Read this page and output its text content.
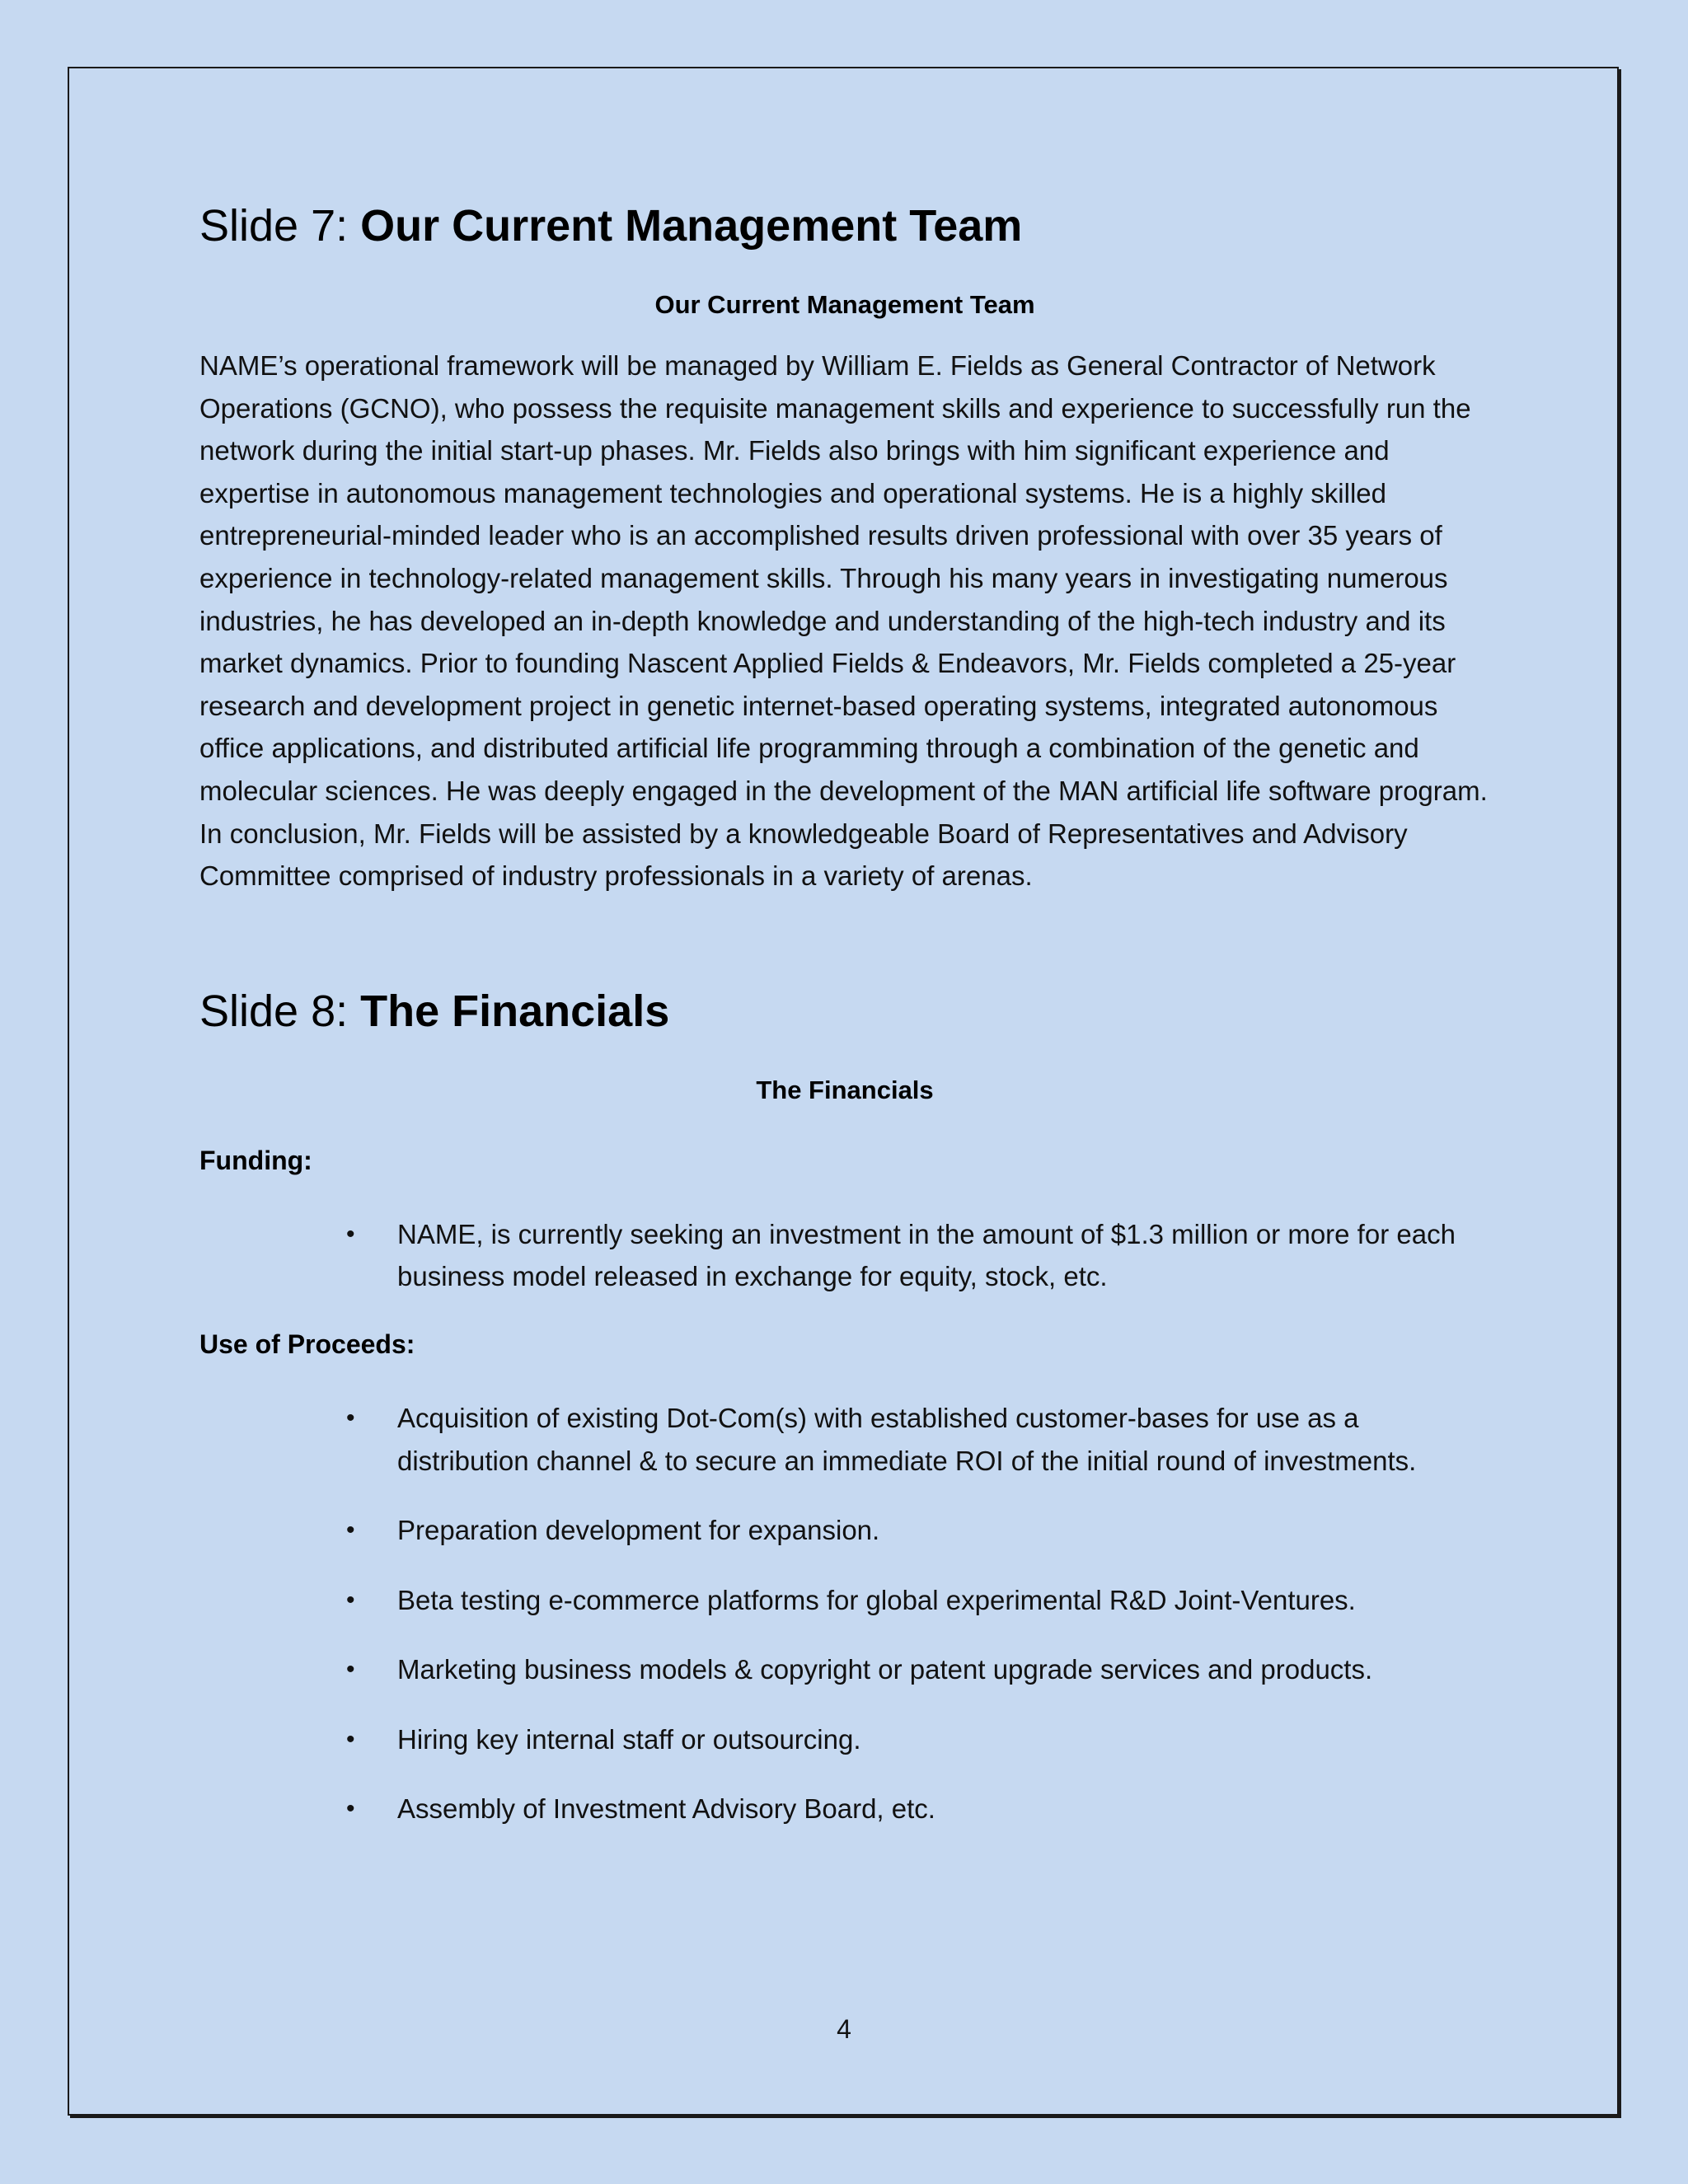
Slide 7: Our Current Management Team

Our Current Management Team

NAME’s operational framework will be managed by William E. Fields as General Contractor of Network Operations (GCNO), who possess the requisite management skills and experience to successfully run the network during the initial start-up phases. Mr. Fields also brings with him significant experience and expertise in autonomous management technologies and operational systems. He is a highly skilled entrepreneurial-minded leader who is an accomplished results driven professional with over 35 years of experience in technology-related management skills. Through his many years in investigating numerous industries, he has developed an in-depth knowledge and understanding of the high-tech industry and its market dynamics. Prior to founding Nascent Applied Fields & Endeavors, Mr. Fields completed a 25-year research and development project in genetic internet-based operating systems, integrated autonomous office applications, and distributed artificial life programming through a combination of the genetic and molecular sciences. He was deeply engaged in the development of the MAN artificial life software program. In conclusion, Mr. Fields will be assisted by a knowledgeable Board of Representatives and Advisory Committee comprised of industry professionals in a variety of arenas.

Slide 8: The Financials

The Financials

Funding:

• NAME, is currently seeking an investment in the amount of $1.3 million or more for each business model released in exchange for equity, stock, etc.

Use of Proceeds:

• Acquisition of existing Dot-Com(s) with established customer-bases for use as a distribution channel & to secure an immediate ROI of the initial round of investments.
• Preparation development for expansion.
• Beta testing e-commerce platforms for global experimental R&D Joint-Ventures.
• Marketing business models & copyright or patent upgrade services and products.
• Hiring key internal staff or outsourcing.
• Assembly of Investment Advisory Board, etc.
4
